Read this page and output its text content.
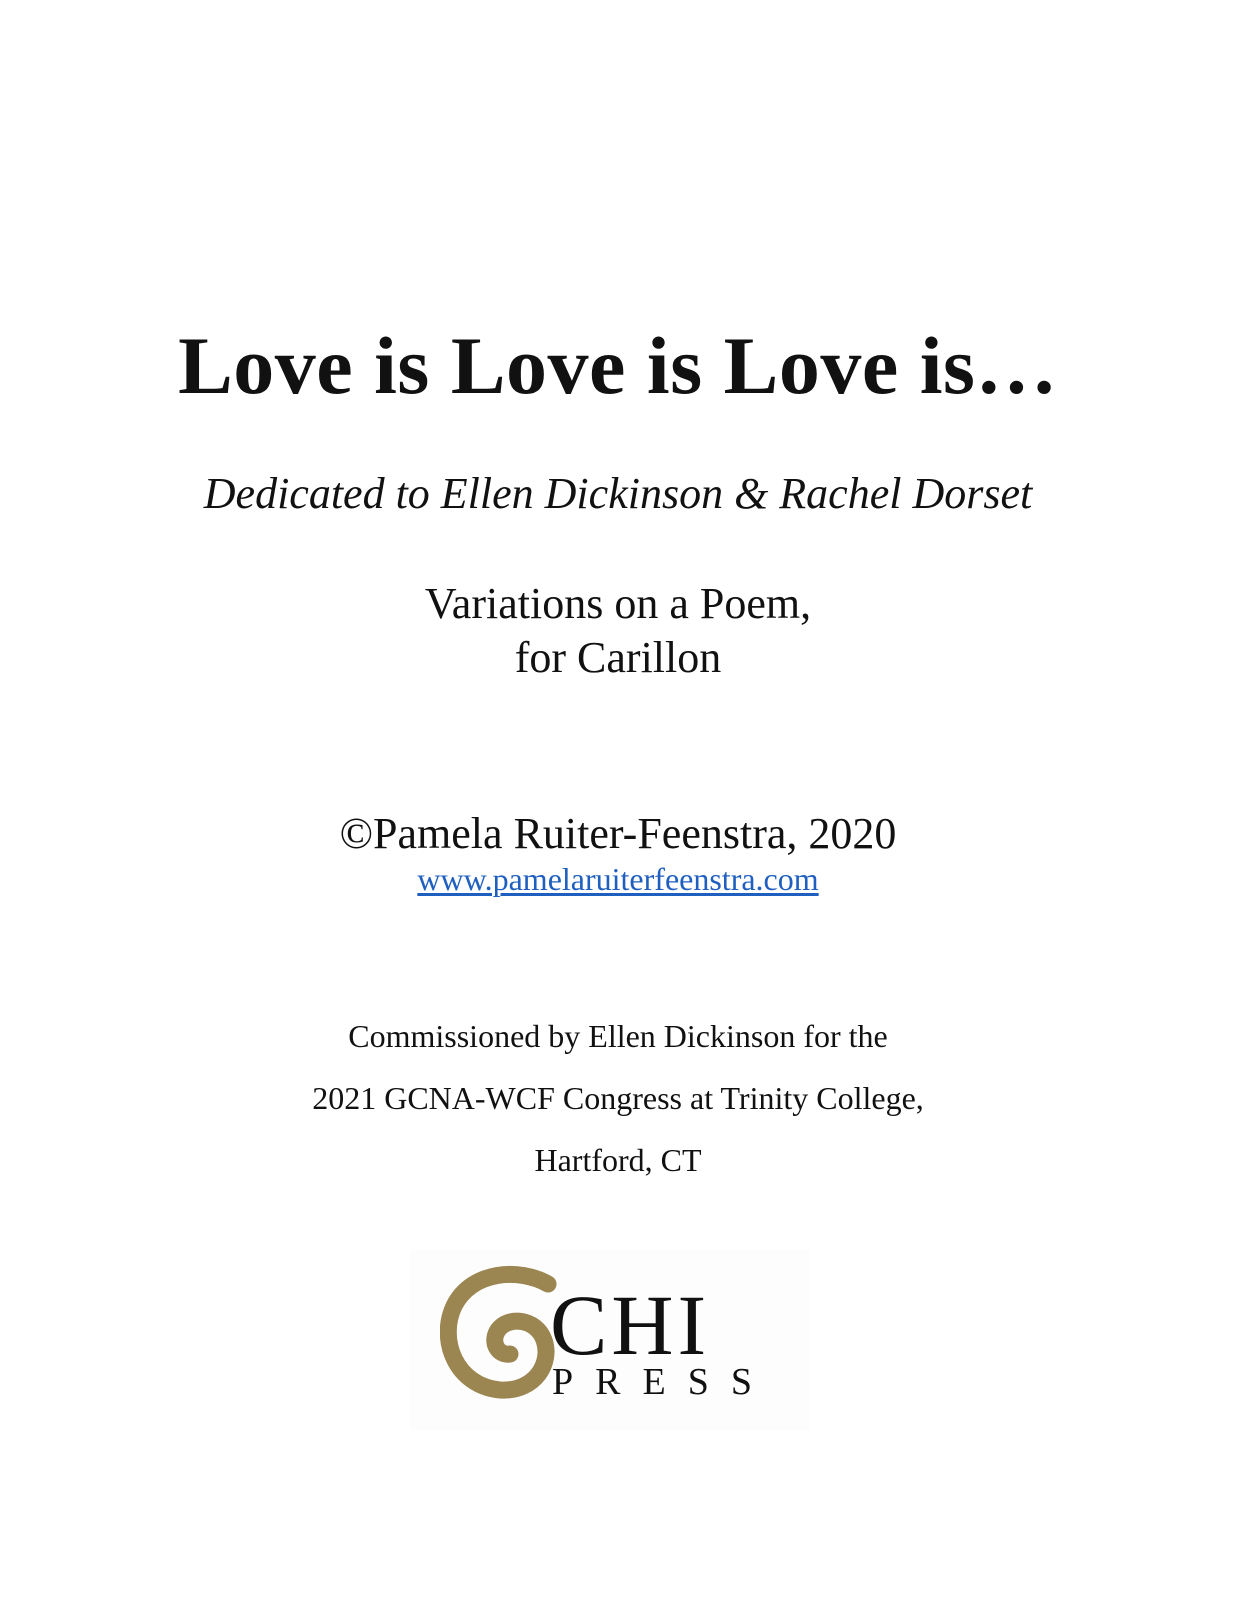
Love is Love is Love is…
Dedicated to Ellen Dickinson & Rachel Dorset
Variations on a Poem,
for Carillon
©Pamela Ruiter-Feenstra, 2020
www.pamelaruiterfeenstra.com
Commissioned by Ellen Dickinson for the
2021 GCNA-WCF Congress at Trinity College,
Hartford, CT
CHI
PRESS
